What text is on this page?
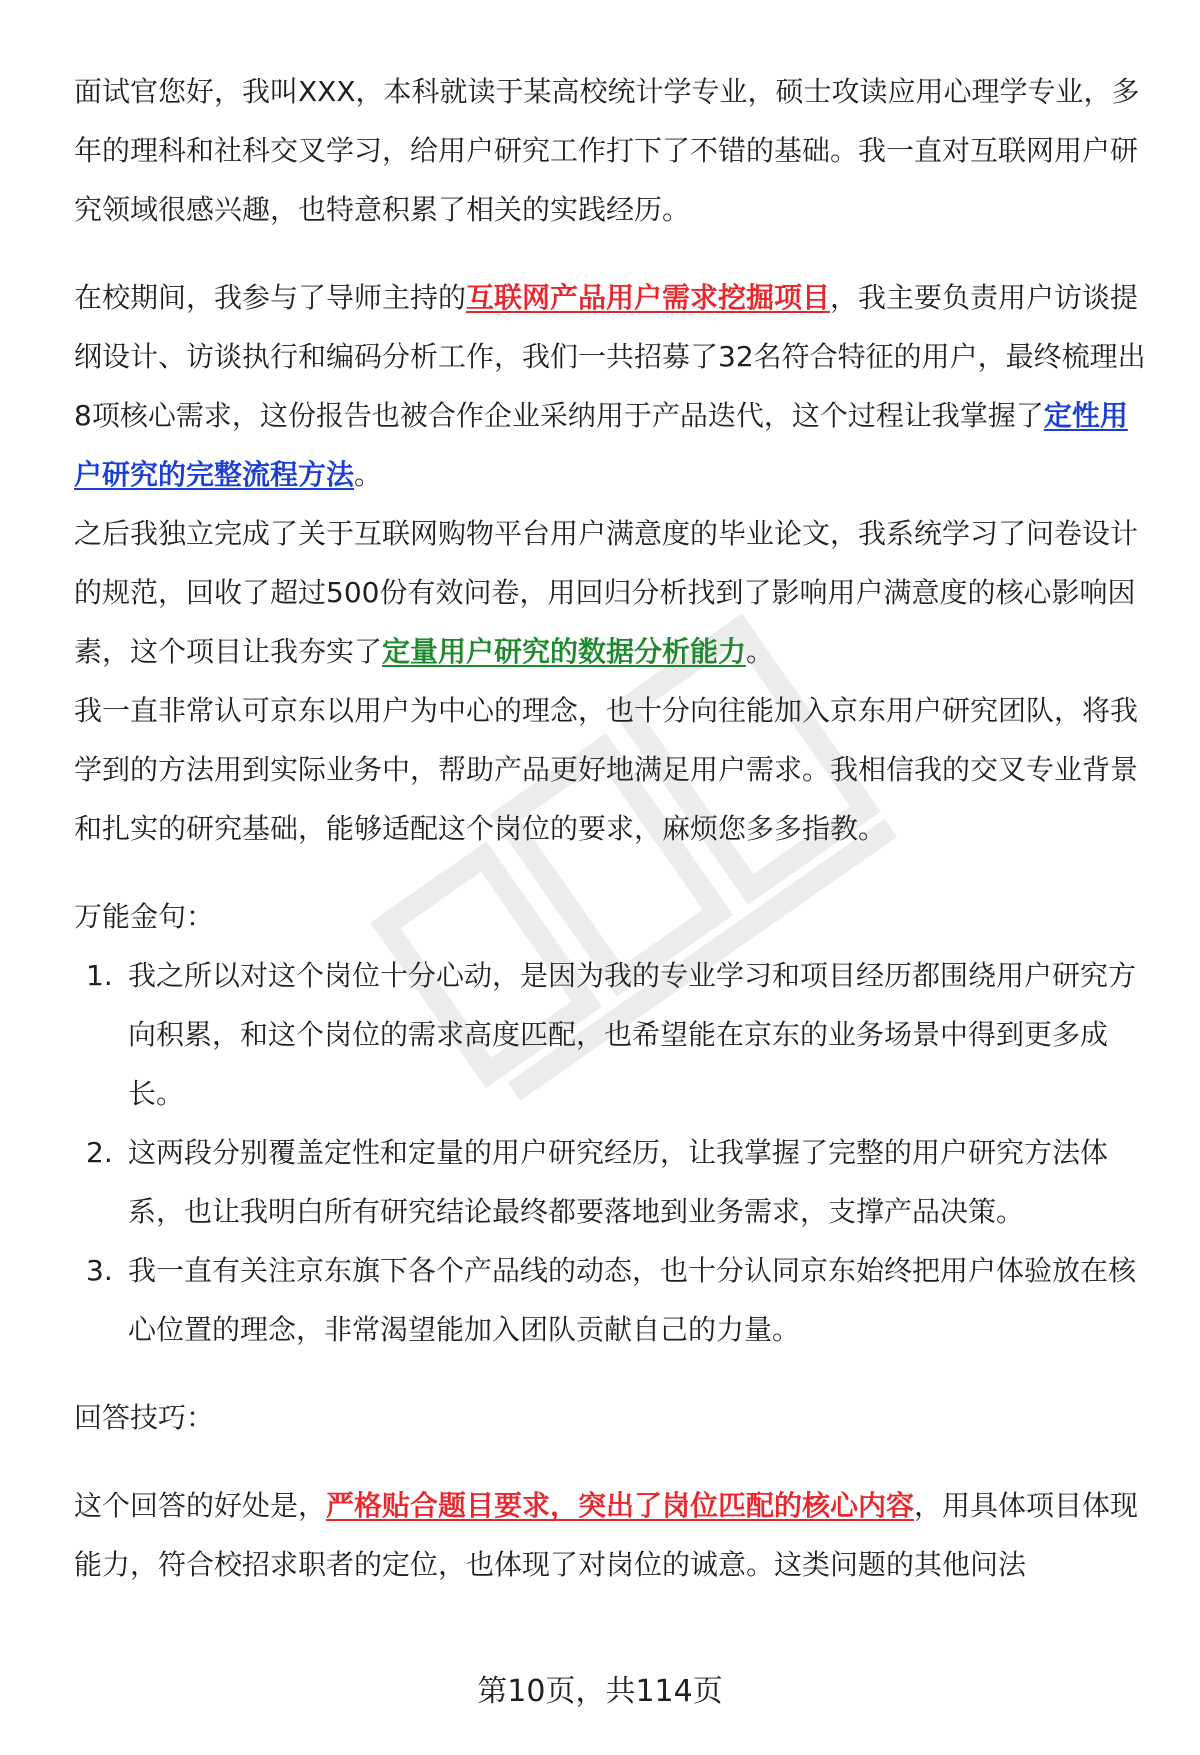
面试官您好，我叫XXX，本科就读于某高校统计学专业，硕士攻读应用心理学专业，多年的理科和社科交叉学习，给用户研究工作打下了不错的基础。我一直对互联网用户研究领域很感兴趣，也特意积累了相关的实践经历。

在校期间，我参与了导师主持的互联网产品用户需求挖掘项目，我主要负责用户访谈提纲设计、访谈执行和编码分析工作，我们一共招募了32名符合特征的用户，最终梳理出8项核心需求，这份报告也被合作企业采纳用于产品迭代，这个过程让我掌握了定性用户研究的完整流程方法。

之后我独立完成了关于互联网购物平台用户满意度的毕业论文，我系统学习了问卷设计的规范，回收了超过500份有效问卷，用回归分析找到了影响用户满意度的核心影响因素，这个项目让我夯实了定量用户研究的数据分析能力。

我一直非常认可京东以用户为中心的理念，也十分向往能加入京东用户研究团队，将我学到的方法用到实际业务中，帮助产品更好地满足用户需求。我相信我的交叉专业背景和扎实的研究基础，能够适配这个岗位的要求，麻烦您多多指教。

万能金句：

1. 我之所以对这个岗位十分心动，是因为我的专业学习和项目经历都围绕用户研究方向积累，和这个岗位的需求高度匹配，也希望能在京东的业务场景中得到更多成长。
2. 这两段分别覆盖定性和定量的用户研究经历，让我掌握了完整的用户研究方法体系，也让我明白所有研究结论最终都要落地到业务需求，支撑产品决策。
3. 我一直有关注京东旗下各个产品线的动态，也十分认同京东始终把用户体验放在核心位置的理念，非常渴望能加入团队贡献自己的力量。

回答技巧：

这个回答的好处是，严格贴合题目要求，突出了岗位匹配的核心内容，用具体项目体现能力，符合校招求职者的定位，也体现了对岗位的诚意。这类问题的其他问法

第10页，共114页
